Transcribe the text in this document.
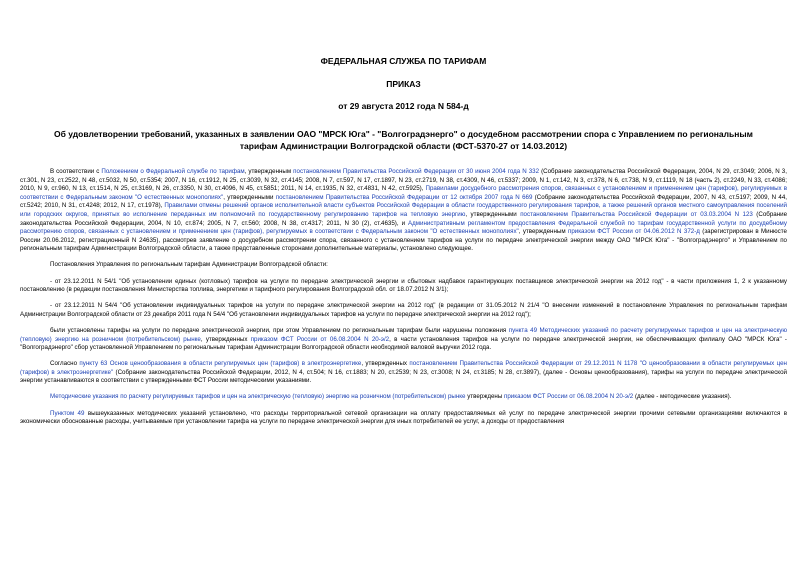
ФЕДЕРАЛЬНАЯ СЛУЖБА ПО ТАРИФАМ
ПРИКАЗ
от 29 августа 2012 года N 584-д
Об удовлетворении требований, указанных в заявлении ОАО "МРСК Юга" - "Волгоградэнерго" о досудебном рассмотрении спора с Управлением по региональным тарифам Администрации Волгоградской области (ФСТ-5370-27 от 14.03.2012)

В соответствии с Положением о Федеральной службе по тарифам, утвержденным постановлением Правительства Российской Федерации от 30 июня 2004 года N 332 (Собрание законодательства Российской Федерации, 2004, N 29, ст.3049; 2006, N 3, ст.301, N 23, ст.2522, N 48, ст.5032, N 50, ст.5354; 2007, N 16, ст.1912, N 25, ст.3039, N 32, ст.4145; 2008, N 7, ст.597, N 17, ст.1897, N 23, ст.2719, N 38, ст.4309, N 46, ст.5337; 2009, N 1, ст.142, N 3, ст.378, N 6, ст.738, N 9, ст.1119, N 18 (часть 2), ст.2249, N 33, ст.4086; 2010, N 9, ст.960, N 13, ст.1514, N 25, ст.3169, N 26, ст.3350, N 30, ст.4096, N 45, ст.5851; 2011, N 14, ст.1935, N 32, ст.4831, N 42, ст.5925), Правилами досудебного рассмотрения споров, связанных с установлением и применением цен (тарифов), регулируемых в соответствии с Федеральным законом "О естественных монополиях", утвержденными постановлением Правительства Российской Федерации от 12 октября 2007 года N 669 (Собрание законодательства Российской Федерации, 2007, N 43, ст.5197; 2009, N 44, ст.5242; 2010, N 31, ст.4248; 2012, N 17, ст.1978), Правилами отмены решений органов исполнительной власти субъектов Российской Федерации в области государственного регулирования тарифов, а также решений органов местного самоуправления поселений или городских округов, принятых во исполнение переданных им полномочий по государственному регулированию тарифов на тепловую энергию, утвержденными постановлением Правительства Российской Федерации от 03.03.2004 N 123 (Собрание законодательства Российской Федерации, 2004, N 10, ст.874; 2005, N 7, ст.560; 2008, N 38, ст.4317; 2011, N 30 (2), ст.4635), и Административным регламентом предоставления Федеральной службой по тарифам государственной услуги по досудебному рассмотрению споров, связанных с установлением и применением цен (тарифов), регулируемых в соответствии с Федеральным законом "О естественных монополиях", утвержденным приказом ФСТ России от 04.06.2012 N 372-д (зарегистрирован в Минюсте России 20.06.2012, регистрационный N 24635), рассмотрев заявление о досудебном рассмотрении спора, связанного с установлением тарифов на услуги по передаче электрической энергии между ОАО "МРСК Юга" - "Волгоградэнерго" и Управлением по региональным тарифам Администрации Волгоградской области, а также представленные сторонами дополнительные материалы, установлено следующее.

Постановления Управления по региональным тарифам Администрации Волгоградской области:

- от 23.12.2011 N 54/1 "Об установлении единых (котловых) тарифов на услуги по передаче электрической энергии и сбытовых надбавок гарантирующих поставщиков электрической энергии на 2012 год" - в части приложения 1, 2 к указанному постановлению (в редакции постановления Министерства топлива, энергетики и тарифного регулирования Волгоградской обл. от 18.07.2012 N 3/1);

- от 23.12.2011 N 54/4 "Об установлении индивидуальных тарифов на услуги по передаче электрической энергии на 2012 год" (в редакции от 31.05.2012 N 21/4 "О внесении изменений в постановление Управления по региональным тарифам Администрации Волгоградской области от 23 декабря 2011 года N 54/4 "Об установлении индивидуальных тарифов на услуги по передаче электрической энергии на 2012 год");

были установлены тарифы на услуги по передаче электрической энергии, при этом Управлением по региональным тарифам были нарушены положения пункта 49 Методических указаний по расчету регулируемых тарифов и цен на электрическую (тепловую) энергию на розничном (потребительском) рынке, утвержденных приказом ФСТ России от 06.08.2004 N 20-э/2, в части установления тарифов на услуги по передаче электрической энергии, не обеспечивающих филиалу ОАО "МРСК Юга" - "Волгоградэнерго" сбор установленной Управлением по региональным тарифам Администрации Волгоградской области необходимой валовой выручки 2012 года.

Согласно пункту 63 Основ ценообразования в области регулируемых цен (тарифов) в электроэнергетике, утвержденных постановлением Правительства Российской Федерации от 29.12.2011 N 1178 "О ценообразовании в области регулируемых цен (тарифов) в электроэнергетике" (Собрание законодательства Российской Федерации, 2012, N 4, ст.504; N 16, ст.1883; N 20, ст.2539; N 23, ст.3008; N 24, ст.3185; N 28, ст.3897), (далее - Основы ценообразования), тарифы на услуги по передаче электрической энергии устанавливаются в соответствии с утвержденными ФСТ России методическими указаниями.

Методические указания по расчету регулируемых тарифов и цен на электрическую (тепловую) энергию на розничном (потребительском) рынке утверждены приказом ФСТ России от 06.08.2004 N 20-э/2 (далее - методические указания).

Пунктом 49 вышеуказанных методических указаний установлено, что расходы территориальной сетевой организации на оплату предоставляемых ей услуг по передаче электрической энергии прочими сетевыми организациями включаются в экономически обоснованные расходы, учитываемые при установлении тарифа на услуги по передаче электрической энергии для иных потребителей ее услуг, а доходы от предоставления
